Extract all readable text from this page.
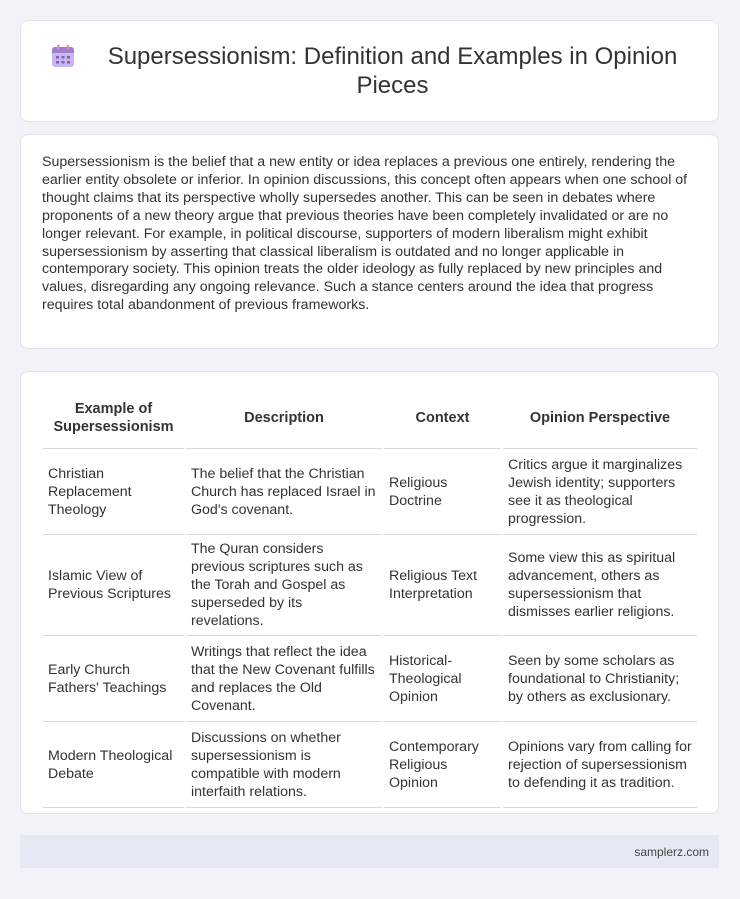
Supersessionism: Definition and Examples in Opinion Pieces

Supersessionism is the belief that a new entity or idea replaces a previous one entirely, rendering the earlier entity obsolete or inferior. In opinion discussions, this concept often appears when one school of thought claims that its perspective wholly supersedes another. This can be seen in debates where proponents of a new theory argue that previous theories have been completely invalidated or are no longer relevant. For example, in political discourse, supporters of modern liberalism might exhibit supersessionism by asserting that classical liberalism is outdated and no longer applicable in contemporary society. This opinion treats the older ideology as fully replaced by new principles and values, disregarding any ongoing relevance. Such a stance centers around the idea that progress requires total abandonment of previous frameworks.

Example of Supersessionism	Description	Context	Opinion Perspective
Christian Replacement Theology	The belief that the Christian Church has replaced Israel in God's covenant.	Religious Doctrine	Critics argue it marginalizes Jewish identity; supporters see it as theological progression.
Islamic View of Previous Scriptures	The Quran considers previous scriptures such as the Torah and Gospel as superseded by its revelations.	Religious Text Interpretation	Some view this as spiritual advancement, others as supersessionism that dismisses earlier religions.
Early Church Fathers' Teachings	Writings that reflect the idea that the New Covenant fulfills and replaces the Old Covenant.	Historical-Theological Opinion	Seen by some scholars as foundational to Christianity; by others as exclusionary.
Modern Theological Debate	Discussions on whether supersessionism is compatible with modern interfaith relations.	Contemporary Religious Opinion	Opinions vary from calling for rejection of supersessionism to defending it as tradition.
samplerz.com
